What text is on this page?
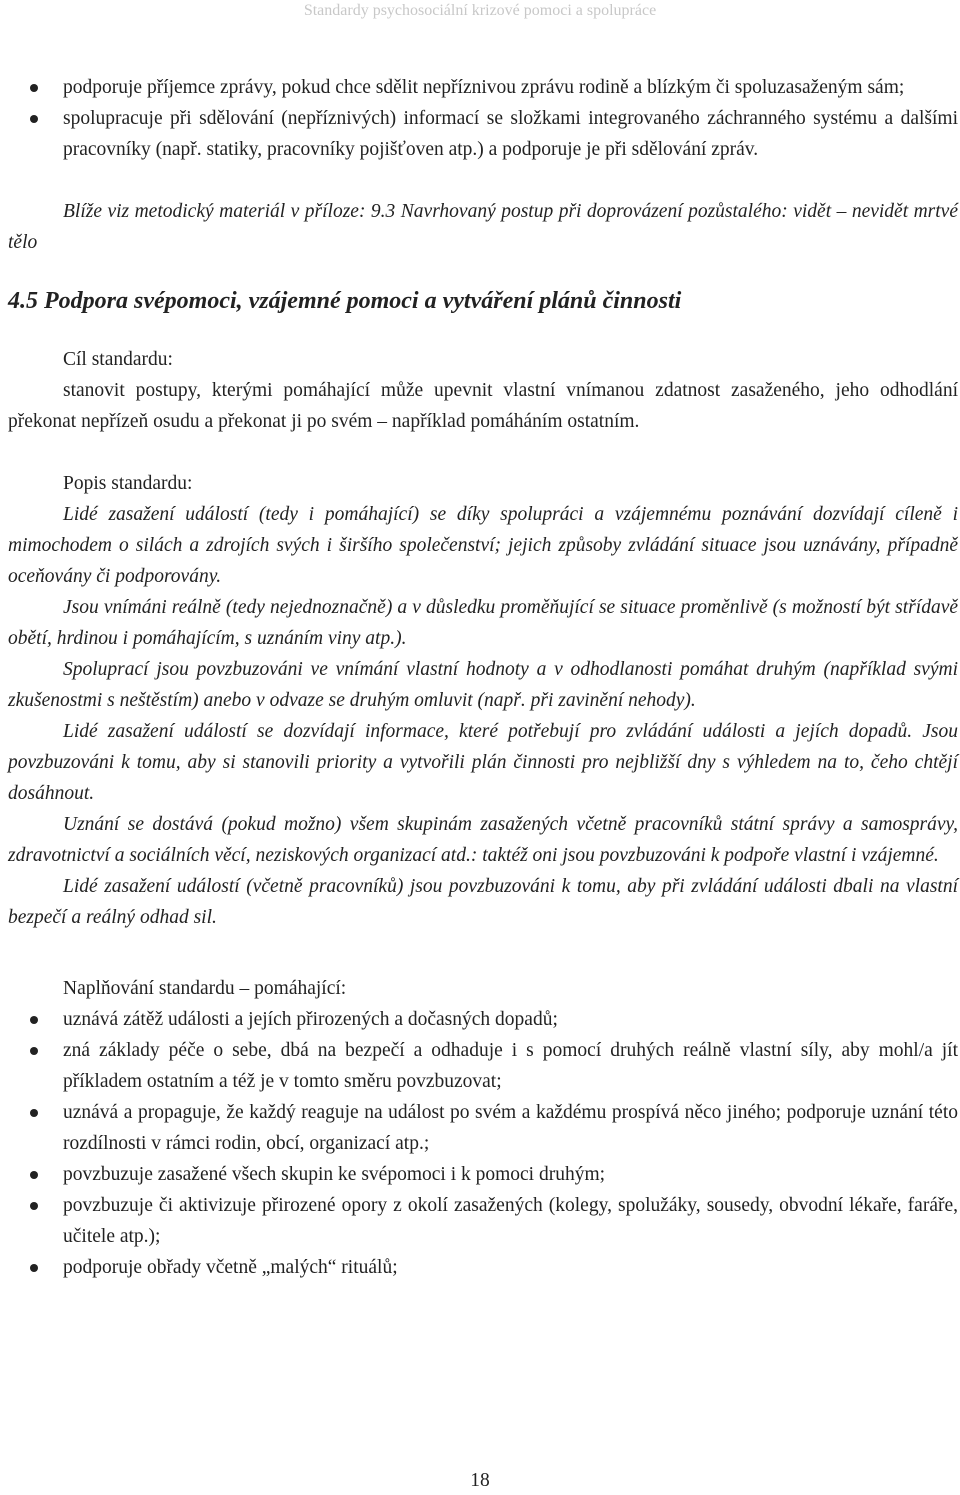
Standardy psychosociální krizové pomoci a spolupráce
podporuje příjemce zprávy, pokud chce sdělit nepříznivou zprávu rodině a blízkým či spoluzasaženým sám;
spolupracuje při sdělování (nepříznivých) informací se složkami integrovaného záchranného systému a dalšími pracovníky (např. statiky, pracovníky pojišťoven atp.) a podporuje je při sdělování zpráv.

Blíže viz metodický materiál v příloze: 9.3 Navrhovaný postup při doprovázení pozůstalého: vidět – nevidět mrtvé tělo

4.5 Podpora svépomoci, vzájemné pomoci a vytváření plánů činnosti

Cíl standardu:

stanovit postupy, kterými pomáhající může upevnit vlastní vnímanou zdatnost zasaženého, jeho odhodlání překonat nepřízeň osudu a překonat ji po svém – například pomáháním ostatním.

Popis standardu:

Lidé zasažení událostí (tedy i pomáhající) se díky spolupráci a vzájemnému poznávání dozvídají cíleně i mimochodem o silách a zdrojích svých i širšího společenství; jejich způsoby zvládání situace jsou uznávány, případně oceňovány či podporovány.

Jsou vnímáni reálně (tedy nejednoznačně) a v důsledku proměňující se situace proměnlivě (s možností být střídavě obětí, hrdinou i pomáhajícím, s uznáním viny atp.).

Spoluprací jsou povzbuzováni ve vnímání vlastní hodnoty a v odhodlanosti pomáhat druhým (například svými zkušenostmi s neštěstím) anebo v odvaze se druhým omluvit (např. při zavinění nehody).

Lidé zasažení událostí se dozvídají informace, které potřebují pro zvládání události a jejích dopadů. Jsou povzbuzováni k tomu, aby si stanovili priority a vytvořili plán činnosti pro nejbližší dny s výhledem na to, čeho chtějí dosáhnout.

Uznání se dostává (pokud možno) všem skupinám zasažených včetně pracovníků státní správy a samosprávy, zdravotnictví a sociálních věcí, neziskových organizací atd.: taktéž oni jsou povzbuzováni k podpoře vlastní i vzájemné.

Lidé zasažení událostí (včetně pracovníků) jsou povzbuzováni k tomu, aby při zvládání události dbali na vlastní bezpečí a reálný odhad sil.

Naplňování standardu – pomáhající:

uznává zátěž události a jejích přirozených a dočasných dopadů;
zná základy péče o sebe, dbá na bezpečí a odhaduje i s pomocí druhých reálně vlastní síly, aby mohl/a jít příkladem ostatním a též je v tomto směru povzbuzovat;
uznává a propaguje, že každý reaguje na událost po svém a každému prospívá něco jiného; podporuje uznání této rozdílnosti v rámci rodin, obcí, organizací atp.;
povzbuzuje zasažené všech skupin ke svépomoci i k pomoci druhým;
povzbuzuje či aktivizuje přirozené opory z okolí zasažených (kolegy, spolužáky, sousedy, obvodní lékaře, faráře, učitele atp.);
podporuje obřady včetně „malých“ rituálů;
18
